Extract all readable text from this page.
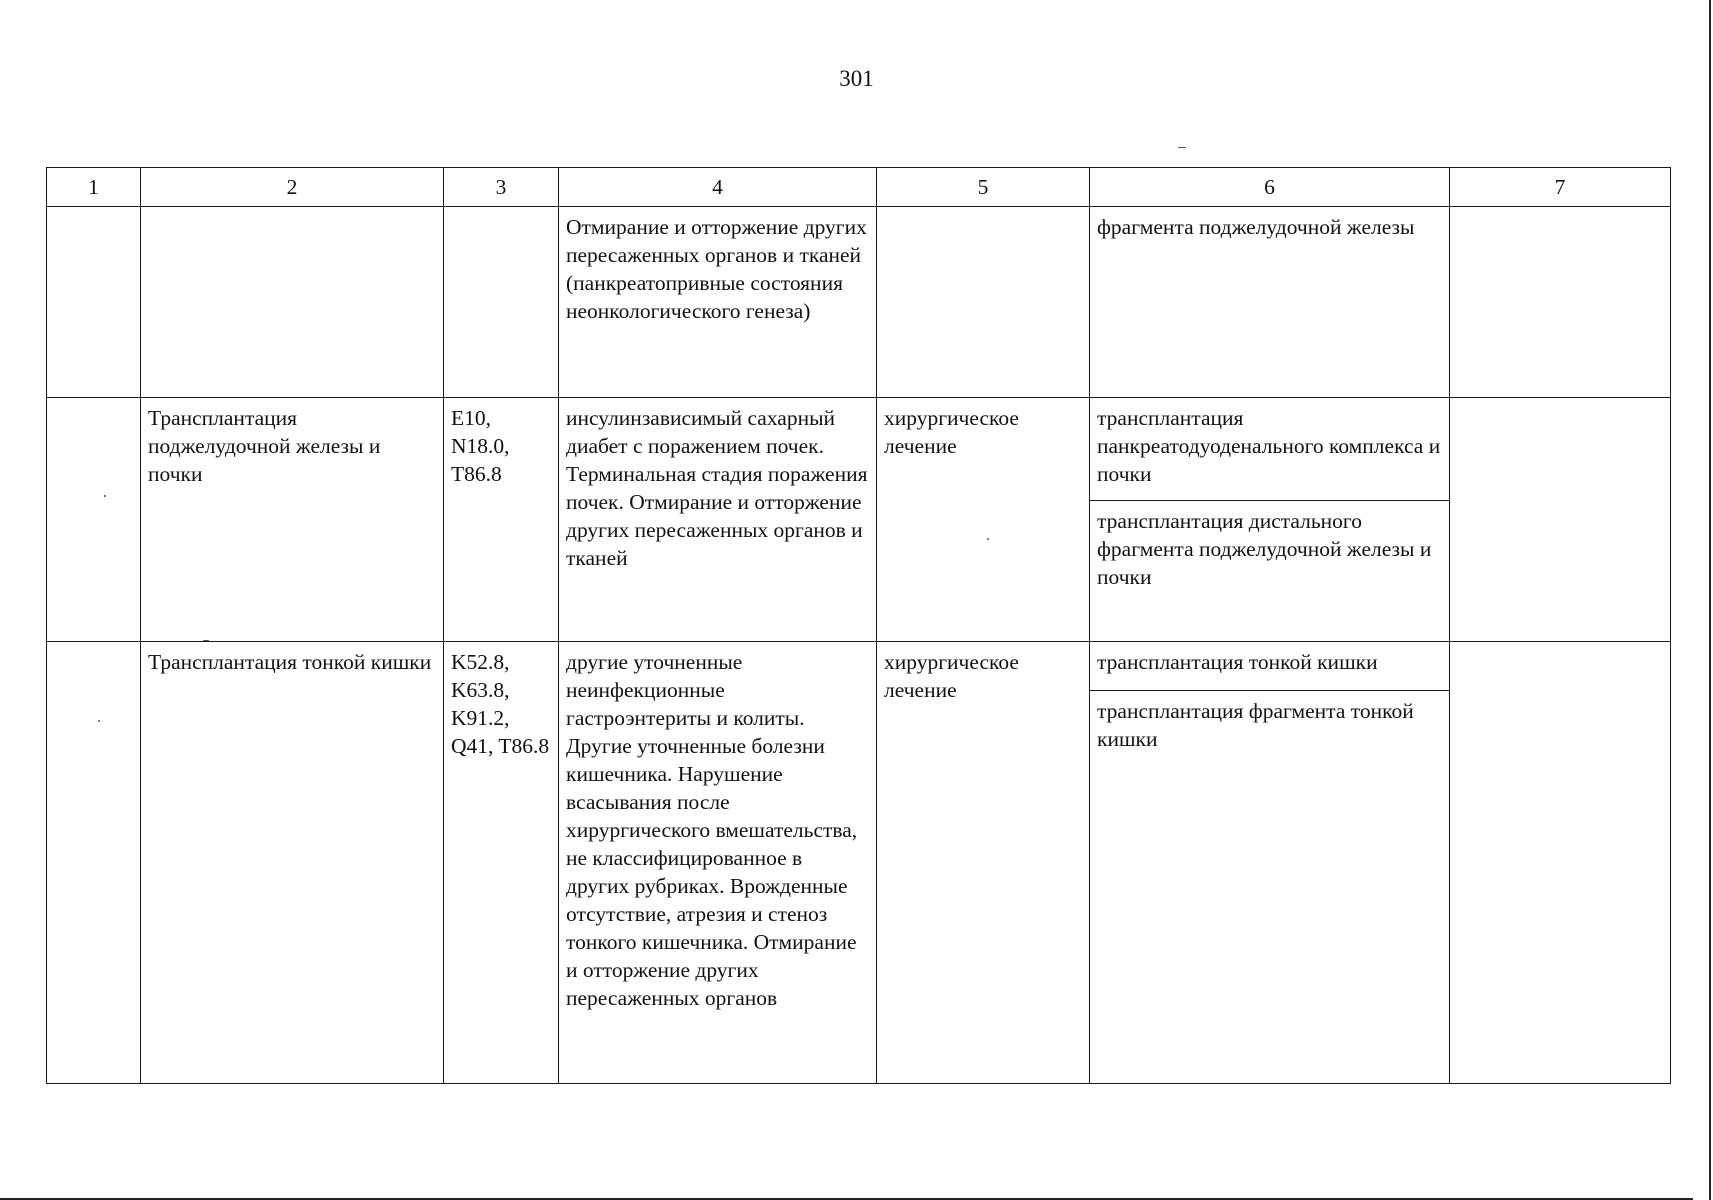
301
1	2	3	4	5	6	7
			Отмирание и отторжение других пересаженных органов и тканей (панкреатопривные состояния неонкологического генеза)		фрагмента поджелудочной железы	
	Трансплантация поджелудочной железы и почки	E10, N18.0, T86.8	инсулинзависимый сахарный диабет с поражением почек. Терминальная стадия поражения почек. Отмирание и отторжение других пересаженных органов и тканей	хирургическое лечение	трансплантация панкреатодуоденального комплекса и почки	
					трансплантация дистального фрагмента поджелудочной железы и почки	
	Трансплантация тонкой кишки	K52.8, K63.8, K91.2, Q41, T86.8	другие уточненные неинфекционные гастроэнтериты и колиты. Другие уточненные болезни кишечника. Нарушение всасывания после хирургического вмешательства, не классифицированное в других рубриках. Врожденные отсутствие, атрезия и стеноз тонкого кишечника. Отмирание и отторжение других пересаженных органов	хирургическое лечение	трансплантация тонкой кишки	
					трансплантация фрагмента тонкой кишки	
